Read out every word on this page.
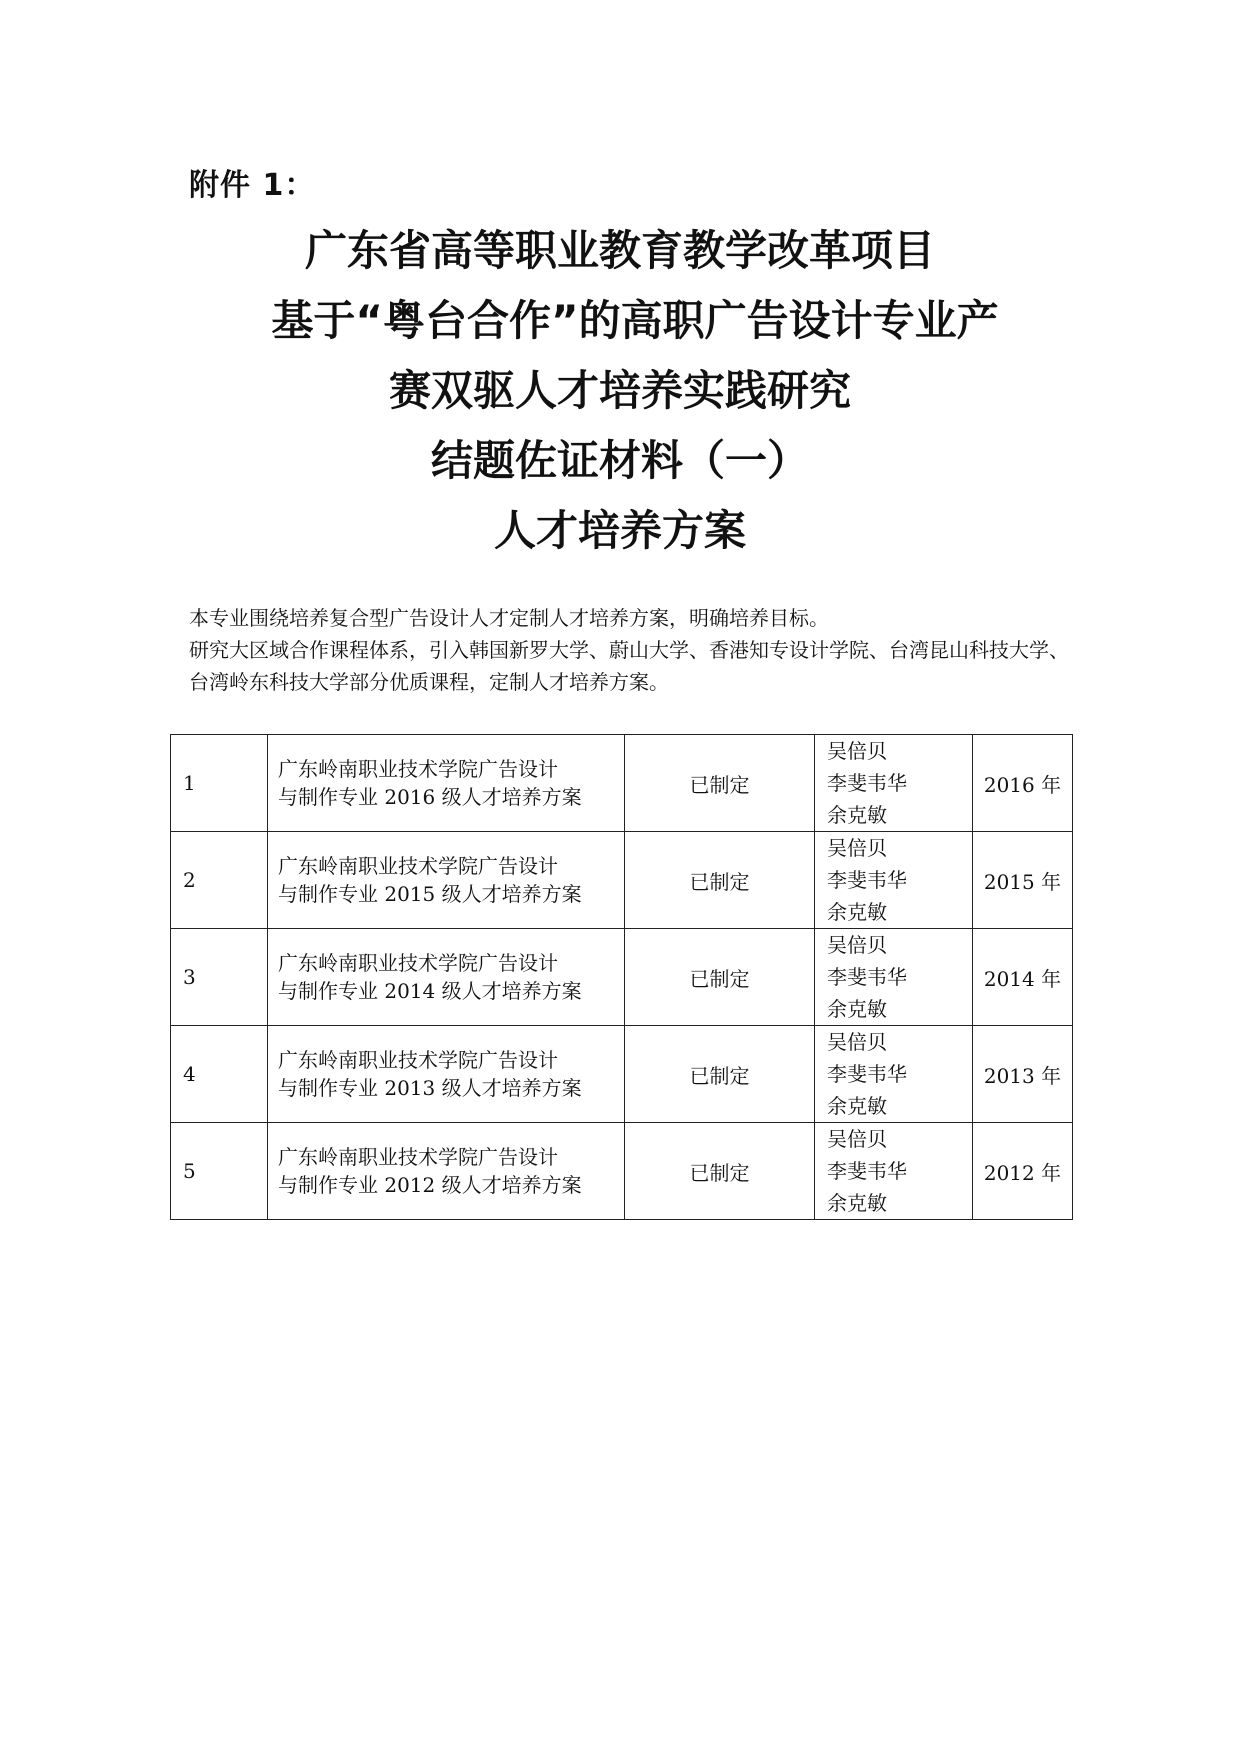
附件 1：
广东省高等职业教育教学改革项目
基于“粤台合作”的高职广告设计专业产
赛双驱人才培养实践研究
结题佐证材料（一）
人才培养方案

本专业围绕培养复合型广告设计人才定制人才培养方案，明确培养目标。

研究大区域合作课程体系，引入韩国新罗大学、蔚山大学、香港知专设计学院、台湾昆山科技大学、台湾岭东科技大学部分优质课程，定制人才培养方案。

1	广东岭南职业技术学院广告设计
与制作专业 2016 级人才培养方案	已制定	吴倍贝
李斐韦华
余克敏	2016 年
2	广东岭南职业技术学院广告设计
与制作专业 2015 级人才培养方案	已制定	吴倍贝
李斐韦华
余克敏	2015 年
3	广东岭南职业技术学院广告设计
与制作专业 2014 级人才培养方案	已制定	吴倍贝
李斐韦华
余克敏	2014 年
4	广东岭南职业技术学院广告设计
与制作专业 2013 级人才培养方案	已制定	吴倍贝
李斐韦华
余克敏	2013 年
5	广东岭南职业技术学院广告设计
与制作专业 2012 级人才培养方案	已制定	吴倍贝
李斐韦华
余克敏	2012 年
